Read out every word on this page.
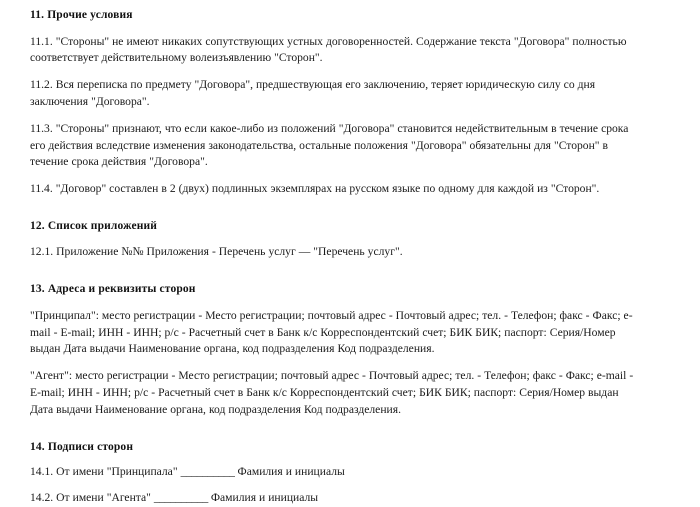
11. Прочие условия

11.1. "Стороны" не имеют никаких сопутствующих устных договоренностей. Содержание текста "Договора" полностью соответствует действительному волеизъявлению "Сторон".

11.2. Вся переписка по предмету "Договора", предшествующая его заключению, теряет юридическую силу со дня заключения "Договора".

11.3. "Стороны" признают, что если какое-либо из положений "Договора" становится недействительным в течение срока его действия вследствие изменения законодательства, остальные положения "Договора" обязательны для "Сторон" в течение срока действия "Договора".

11.4. "Договор" составлен в 2 (двух) подлинных экземплярах на русском языке по одному для каждой из "Сторон".

12. Список приложений

12.1. Приложение №№ Приложения - Перечень услуг — "Перечень услуг".

13. Адреса и реквизиты сторон

"Принципал": место регистрации - Место регистрации; почтовый адрес - Почтовый адрес; тел. - Телефон; факс - Факс; e-mail - E-mail; ИНН - ИНН; р/с - Расчетный счет в Банк к/с Корреспондентский счет; БИК БИК; паспорт: Серия/Номер выдан Дата выдачи Наименование органа, код подразделения Код подразделения.

"Агент": место регистрации - Место регистрации; почтовый адрес - Почтовый адрес; тел. - Телефон; факс - Факс; e-mail - E-mail; ИНН - ИНН; р/с - Расчетный счет в Банк к/с Корреспондентский счет; БИК БИК; паспорт: Серия/Номер выдан Дата выдачи Наименование органа, код подразделения Код подразделения.

14. Подписи сторон

14.1. От имени "Принципала" __________ Фамилия и инициалы

14.2. От имени "Агента" __________ Фамилия и инициалы
